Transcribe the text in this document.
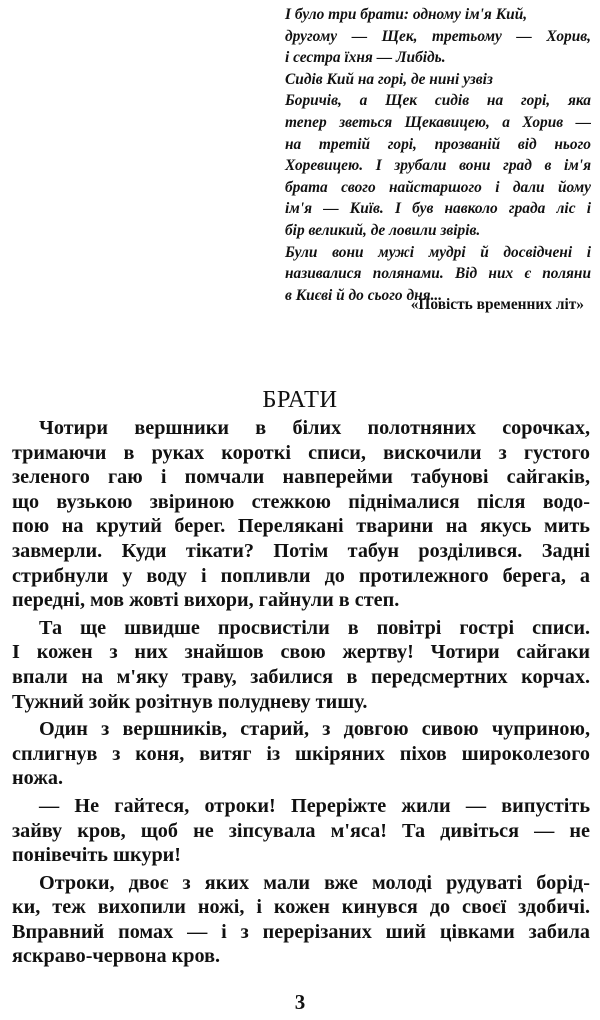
І було три брати: одному ім'я Кий,
другому — Щек, третьому — Хорив,
і сестра їхня — Либідь.
Сидів Кий на горі, де нині узвіз
Боричів, а Щек сидів на горі, яка
тепер зветься Щекавицею, а Хорив —
на третій горі, прозваній від нього
Хоревицею. І зрубали вони град в ім'я
брата свого найстаршого і дали йому
ім'я — Київ. І був навколо града ліс і
бір великий, де ловили звірів.
Були вони мужі мудрі й досвідчені і
називалися полянами. Від них є поляни
в Києві й до сього дня...
«Повість временних літ»
БРАТИ
Чотири вершники в білих полотняних сорочках,
тримаючи в руках короткі списи, вискочили з густого
зеленого гаю і помчали навперейми табунові сайгаків,
що вузькою звіриною стежкою піднімалися після водо-
пою на крутий берег. Перелякані тварини на якусь мить
завмерли. Куди тікати? Потім табун розділився. Задні
стрибнули у воду і попливли до протилежного берега, а
передні, мов жовті вихори, гайнули в степ.
Та ще швидше просвистіли в повітрі гострі списи.
І кожен з них знайшов свою жертву! Чотири сайгаки
впали на м'яку траву, забилися в передсмертних корчах.
Тужний зойк розітнув полудневу тишу.
Один з вершників, старий, з довгою сивою чуприною,
сплигнув з коня, витяг із шкіряних піхов широколезого
ножа.
— Не гайтеся, отроки! Переріжте жили — випустіть
зайву кров, щоб не зіпсувала м'яса! Та дивіться — не
понівечіть шкури!
Отроки, двоє з яких мали вже молоді рудуваті борід-
ки, теж вихопили ножі, і кожен кинувся до своєї здобичі.
Вправний помах — і з перерізаних ший цівками забила
яскраво-червона кров.
3
